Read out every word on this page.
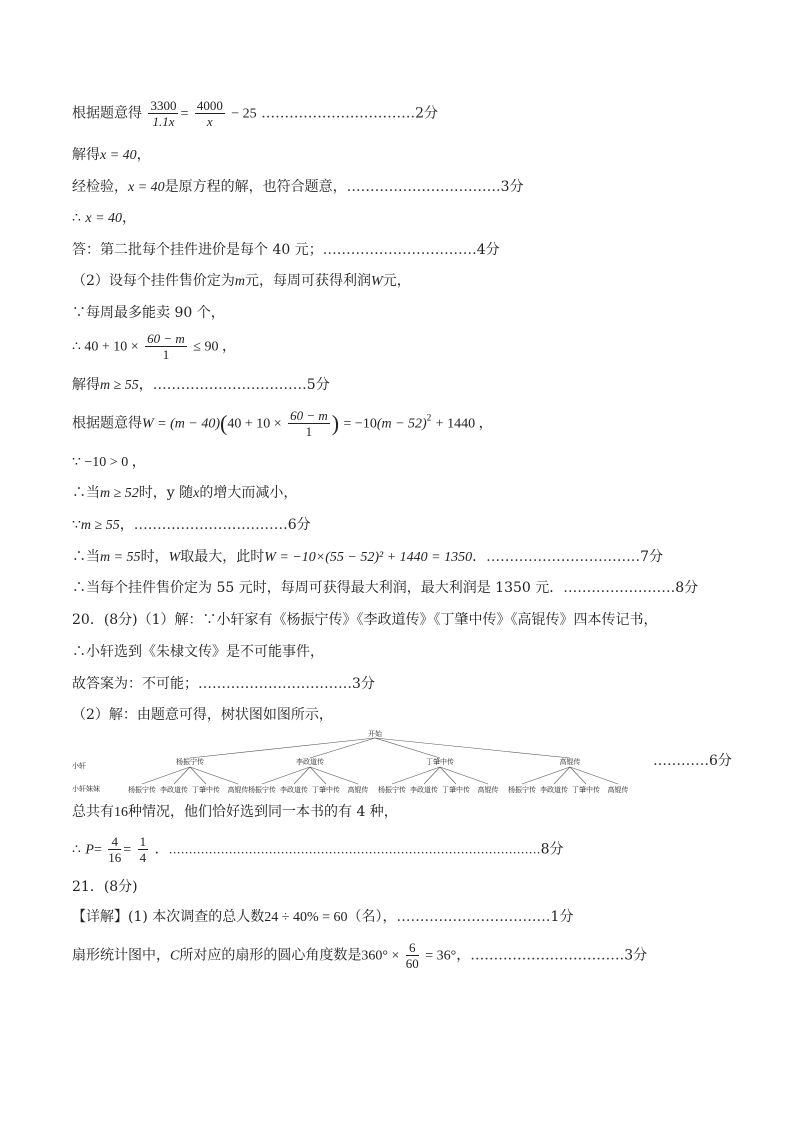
根据题意得 $\frac{3300}{1.1x} = \frac{4000}{x} - 25$ ……………………………2分
解得x = 40，
经检验，x = 40是原方程的解，也符合题意，……………………………3分
∴ x = 40，
答：第二批每个挂件进价是每个 40 元；……………………………4分
（2）设每个挂件售价定为m元，每周可获得利润W元，
∵每周最多能卖 90 个，
∴ $40 + 10 \times \frac{60 - m}{1} \le 90$ ，
解得m ≥ 55，……………………………5分
根据题意得$W = (m - 40)(40 + 10 \times \frac{60 - m}{1}$ ) = $-10(m - 52)^2 + 1440$ ，
∵ −10 > 0 ，
∴当m ≥ 52时，y 随x的增大而减小，
∵m ≥ 55，……………………………6分
∴当m = 55时，W取最大，此时W = −10×(55 − 52)² + 1440 = 1350．……………………………7分
∴当每个挂件售价定为 55 元时，每周可获得最大利润，最大利润是 1350 元．……………………8分
20．(8分)（1）解：∵小轩家有《杨振宁传》《李政道传》《丁肇中传》《高锟传》四本传记书，
∴小轩选到《朱棣文传》是不可能事件，
故答案为：不可能；……………………………3分
（2）解：由题意可得，树状图如图所示，
开始
小轩
小轩妹妹
杨振宁传
杨振宁传 李政道传 丁肇中传 高锟传
李政道传
杨振宁传 李政道传 丁肇中传 高锟传
丁肇中传
杨振宁传 李政道传 丁肇中传 高锟传
高锟传
杨振宁传 李政道传 丁肇中传 高锟传
…………6分
总共有16种情况，他们恰好选到同一本书的有 4 种，
∴ $P= \frac{4}{16} = \frac{1}{4}$ ．…………………………………………………………………………………8分
21．(8分)
【详解】(1) 本次调查的总人数24 ÷ 40% = 60（名），……………………………1分
扇形统计图中，C所对应的扇形的圆心角度数是$360^\circ \times \frac{6}{60} = 36^\circ$，……………………………3分
